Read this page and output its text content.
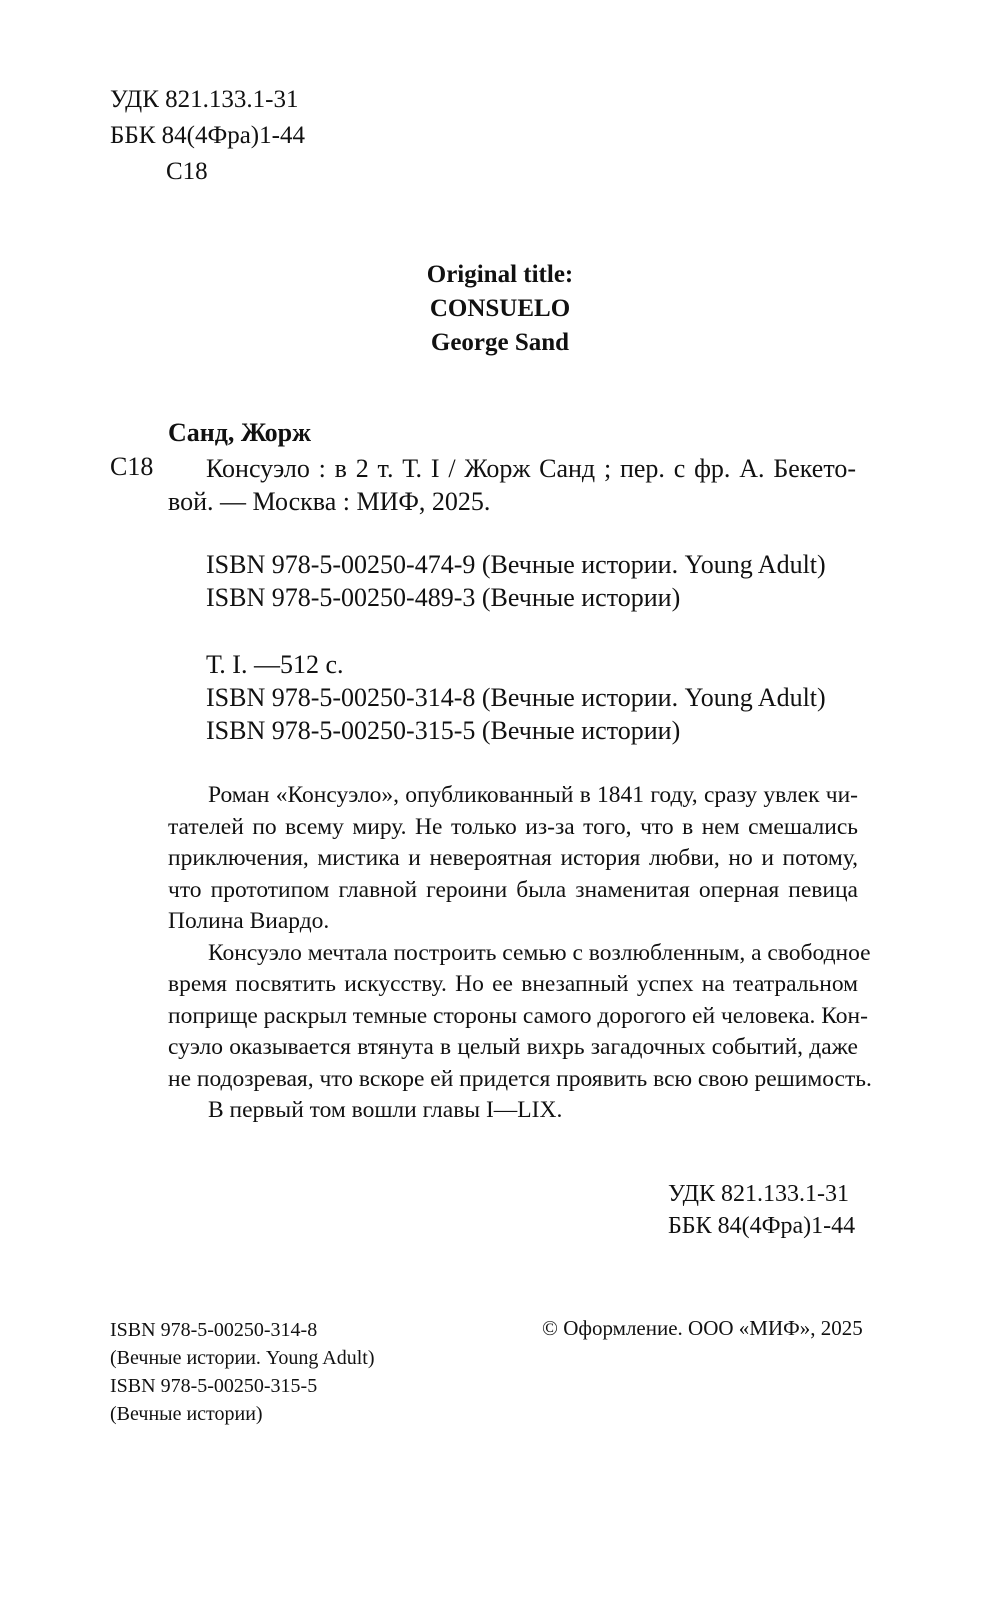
УДК 821.133.1-31
ББК 84(4Фра)1-44
С18
Original title:
CONSUELO
George Sand
Санд, Жорж
С18 Консуэло : в 2 т. Т. I / Жорж Санд ; пер. с фр. А. Бекето-
вой. — Москва : МИФ, 2025.
ISBN 978-5-00250-474-9 (Вечные истории. Young Adult)
ISBN 978-5-00250-489-3 (Вечные истории)
Т. I. —512 с.
ISBN 978-5-00250-314-8 (Вечные истории. Young Adult)
ISBN 978-5-00250-315-5 (Вечные истории)
Роман «Консуэло», опубликованный в 1841 году, сразу увлек чи-
тателей по всему миру. Не только из-за того, что в нем смешались
приключения, мистика и невероятная история любви, но и потому,
что прототипом главной героини была знаменитая оперная певица
Полина Виардо.
Консуэло мечтала построить семью с возлюбленным, а свободное
время посвятить искусству. Но ее внезапный успех на театральном
поприще раскрыл темные стороны самого дорогого ей человека. Кон-
суэло оказывается втянута в целый вихрь загадочных событий, даже
не подозревая, что вскоре ей придется проявить всю свою решимость.
В первый том вошли главы I—LIX.
УДК 821.133.1-31
ББК 84(4Фра)1-44
ISBN 978-5-00250-314-8
(Вечные истории. Young Adult)
ISBN 978-5-00250-315-5
(Вечные истории)
© Оформление. ООО «МИФ», 2025
